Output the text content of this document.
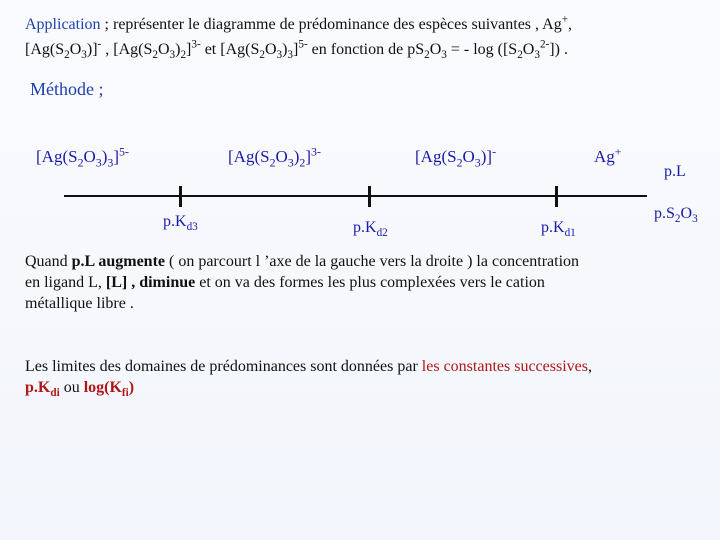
Application ; représenter le diagramme de prédominance des espèces suivantes , Ag+,
$[Ag(S_2O_3)]^-$ , $[Ag(S_2O_3)_2]^{3-}$ et $[Ag(S_2O_3)_3]^{5-}$ en fonction de $pS_2O_3$ = - $\log ([S_2O_3^{2-}])$ .
Méthode ;
$[Ag(S_2O_3)_3]^{5-}$	$[Ag(S_2O_3)_2]^{3-}$	$[Ag(S_2O_3)]^-$	Ag+
p.L
$p.S_2O_3$
$p.K_{d3}$	$p.K_{d2}$	$p.K_{d1}$
Quand p.L augmente ( on parcourt l ’axe de la gauche vers la droite ) la concentration
en ligand L, [L] , diminue et on va des formes les plus complexées vers le cation
métallique libre .
Les limites des domaines de prédominances sont données par les constantes successives,
$p.K_{di}$ ou $\log(K_{fi})$
